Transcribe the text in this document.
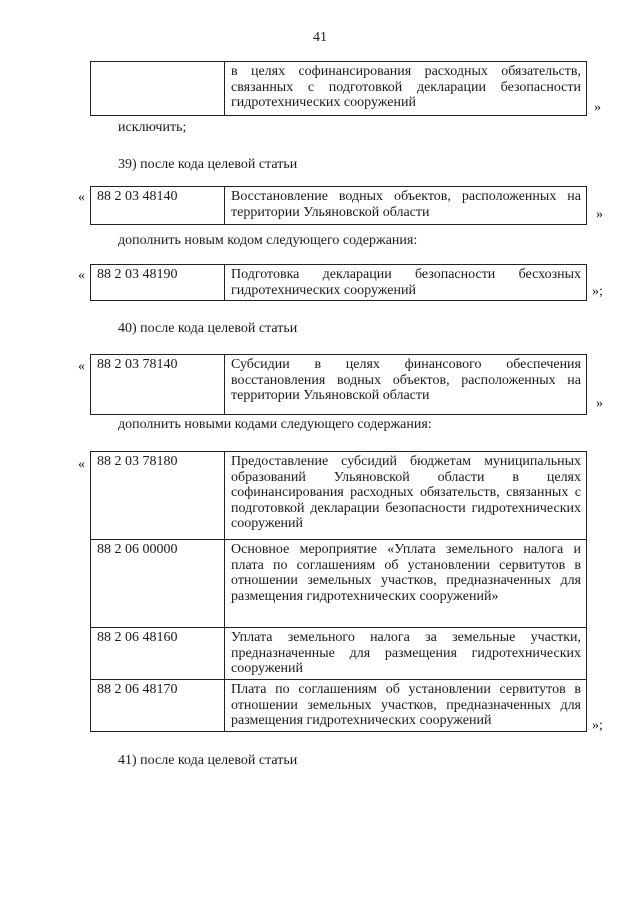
41
	в целях софинансирования расходных обязательств, связанных с подготовкой декларации безопасности гидротехнических сооружений	»
исключить;
39) после кода целевой статьи
« 88 2 03 48140	Восстановление водных объектов, расположенных на территории Ульяновской области	»
дополнить новым кодом следующего содержания:
« 88 2 03 48190	Подготовка декларации безопасности бесхозных гидротехнических сооружений	»;
40) после кода целевой статьи
« 88 2 03 78140	Субсидии в целях финансового обеспечения восстановления водных объектов, расположенных на территории Ульяновской области
»
дополнить новыми кодами следующего содержания:
« 88 2 03 78180	Предоставление субсидий бюджетам муниципальных образований Ульяновской области в целях софинансирования расходных обязательств, связанных с подготовкой декларации безопасности гидротехнических сооружений
88 2 06 00000	Основное мероприятие «Уплата земельного налога и плата по соглашениям об установлении сервитутов в отношении земельных участков, предназначенных для размещения гидротехнических сооружений»
88 2 06 48160	Уплата земельного налога за земельные участки, предназначенные для размещения гидротехнических сооружений
88 2 06 48170	Плата по соглашениям об установлении сервитутов в отношении земельных участков, предназначенных для размещения гидротехнических сооружений	»;
41) после кода целевой статьи
